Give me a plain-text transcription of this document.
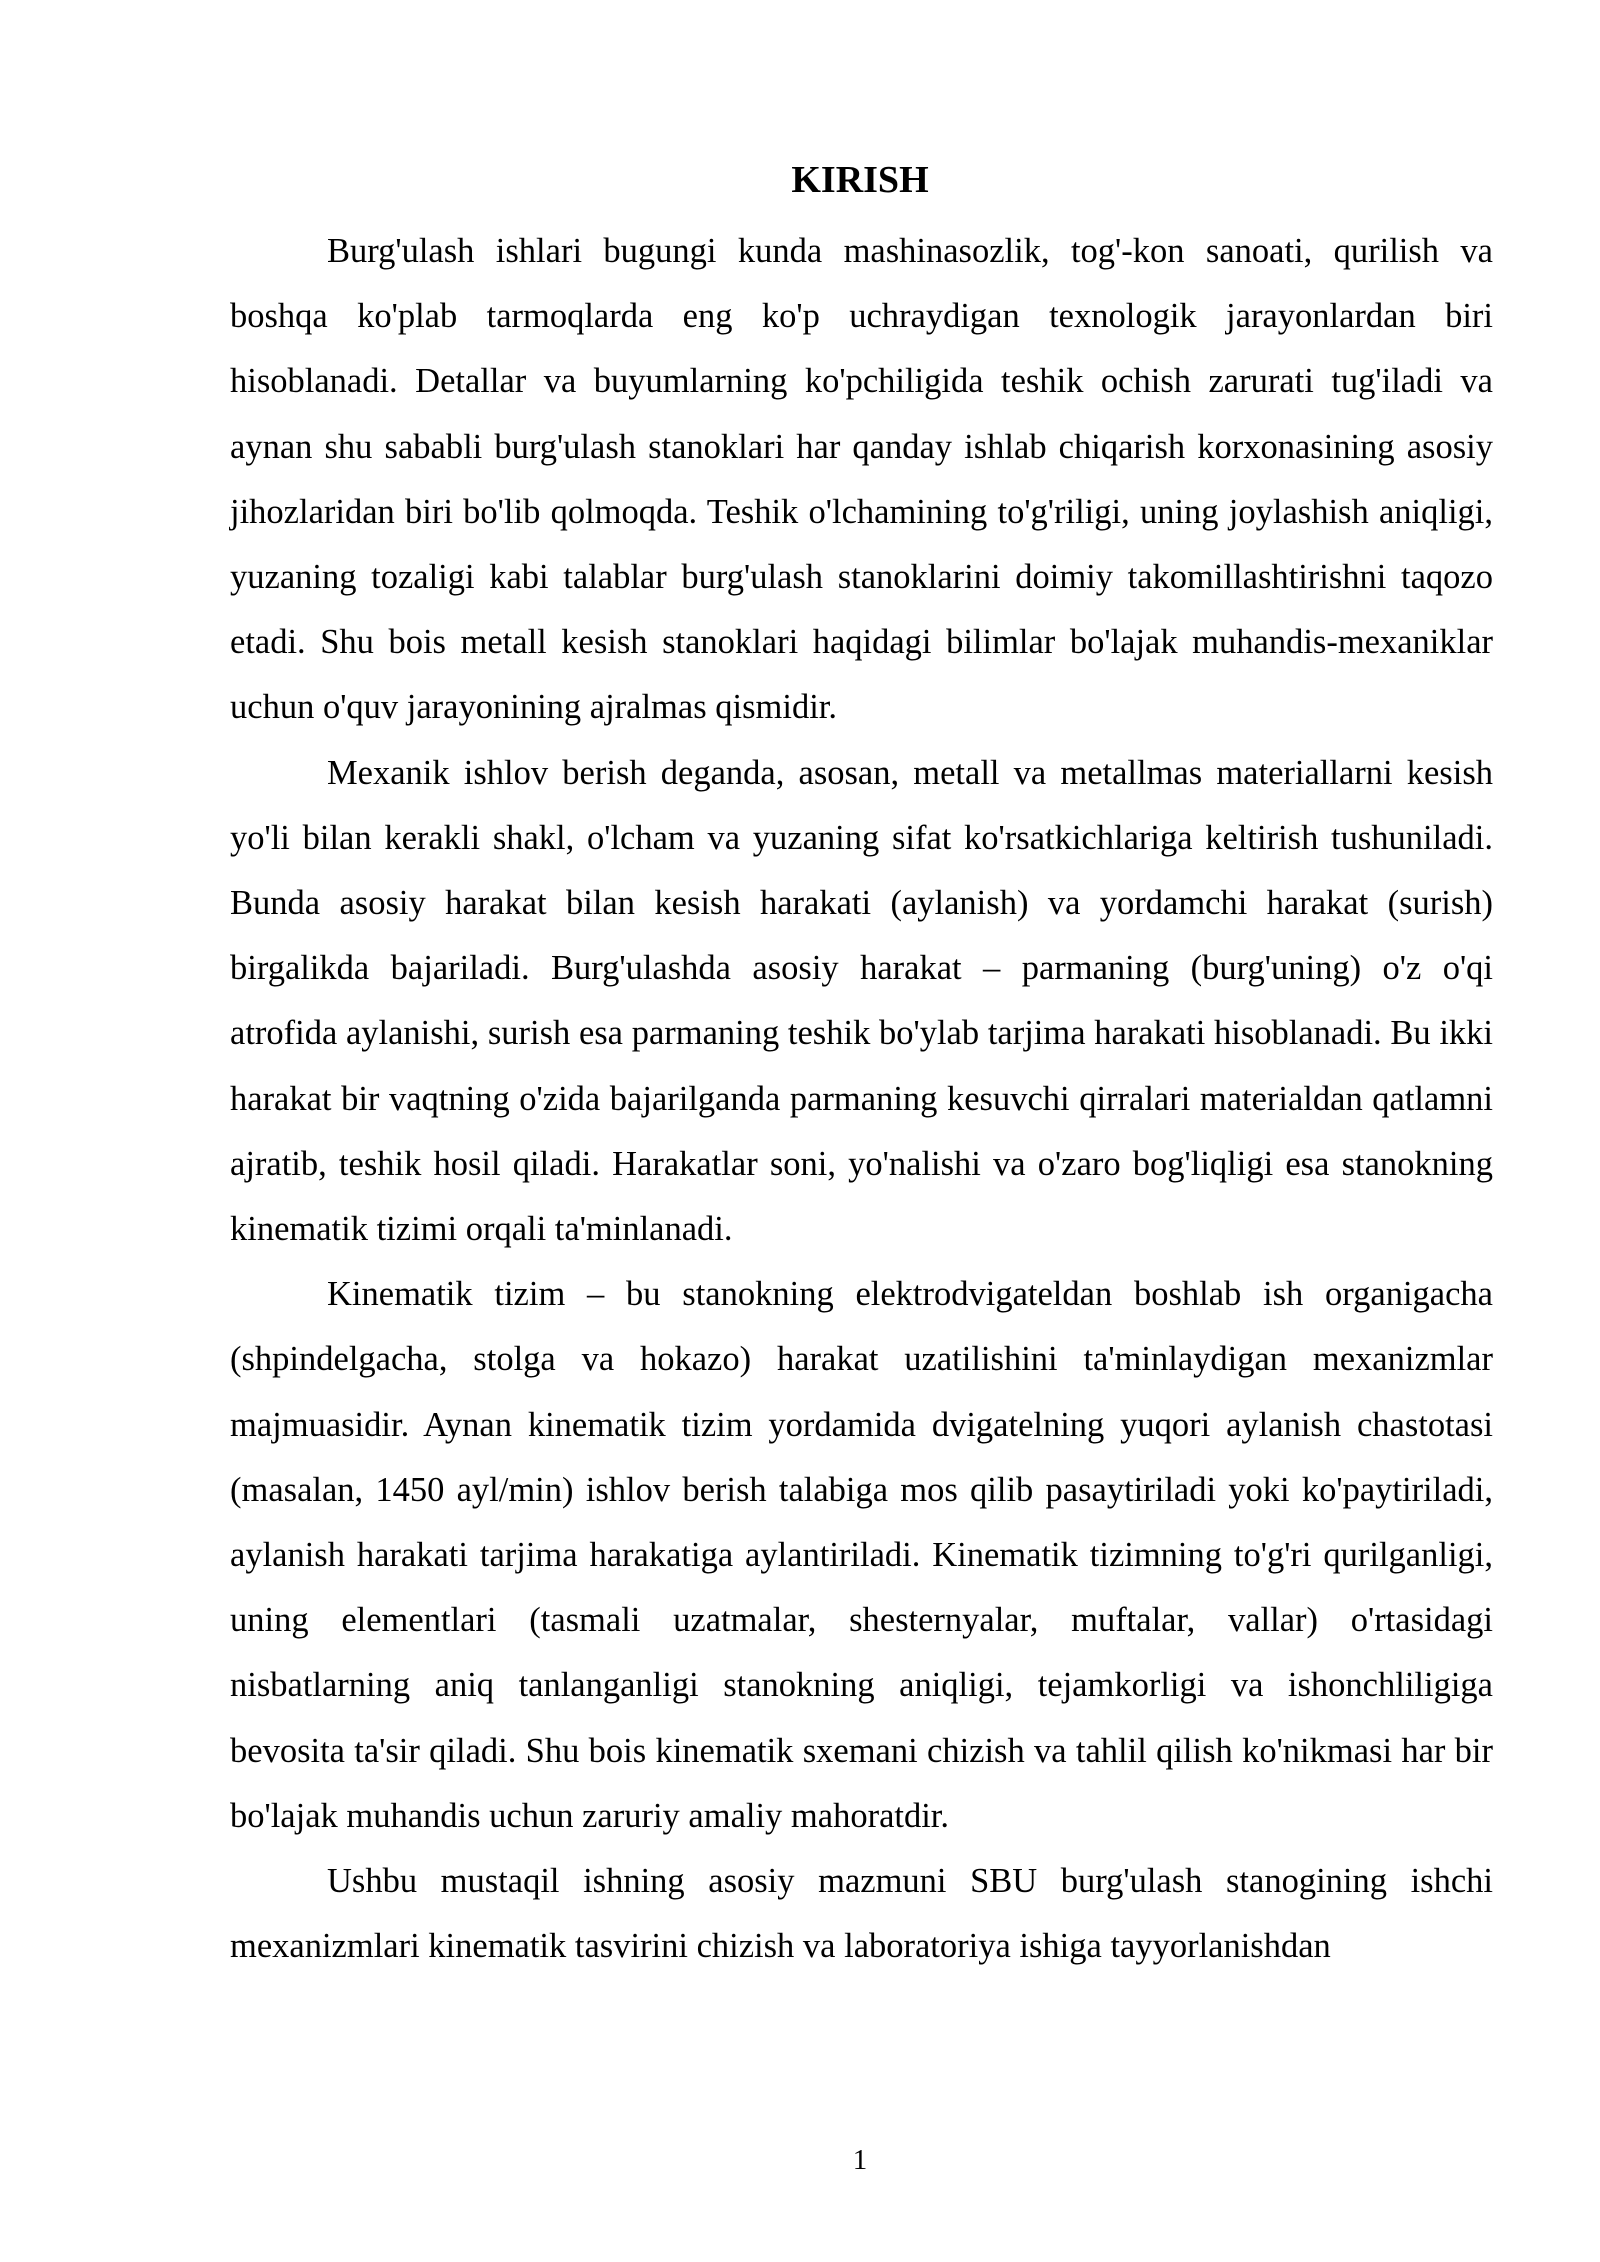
KIRISH

Burg'ulash ishlari bugungi kunda mashinasozlik, tog'-kon sanoati, qurilish va boshqa ko'plab tarmoqlarda eng ko'p uchraydigan texnologik jarayonlardan biri hisoblanadi. Detallar va buyumlarning ko'pchiligida teshik ochish zarurati tug'iladi va aynan shu sababli burg'ulash stanoklari har qanday ishlab chiqarish korxonasining asosiy jihozlaridan biri bo'lib qolmoqda. Teshik o'lchamining to'g'riligi, uning joylashish aniqligi, yuzaning tozaligi kabi talablar burg'ulash stanoklarini doimiy takomillashtirishni taqozo etadi. Shu bois metall kesish stanoklari haqidagi bilimlar bo'lajak muhandis-mexaniklar uchun o'quv jarayonining ajralmas qismidir.

Mexanik ishlov berish deganda, asosan, metall va metallmas materiallarni kesish yo'li bilan kerakli shakl, o'lcham va yuzaning sifat ko'rsatkichlariga keltirish tushuniladi. Bunda asosiy harakat bilan kesish harakati (aylanish) va yordamchi harakat (surish) birgalikda bajariladi. Burg'ulashda asosiy harakat – parmaning (burg'uning) o'z o'qi atrofida aylanishi, surish esa parmaning teshik bo'ylab tarjima harakati hisoblanadi. Bu ikki harakat bir vaqtning o'zida bajarilganda parmaning kesuvchi qirralari materialdan qatlamni ajratib, teshik hosil qiladi. Harakatlar soni, yo'nalishi va o'zaro bog'liqligi esa stanokning kinematik tizimi orqali ta'minlanadi.

Kinematik tizim – bu stanokning elektrodvigateldan boshlab ish organigacha (shpindelgacha, stolga va hokazo) harakat uzatilishini ta'minlaydigan mexanizmlar majmuasidir. Aynan kinematik tizim yordamida dvigatelning yuqori aylanish chastotasi (masalan, 1450 ayl/min) ishlov berish talabiga mos qilib pasaytiriladi yoki ko'paytiriladi, aylanish harakati tarjima harakatiga aylantiriladi. Kinematik tizimning to'g'ri qurilganligi, uning elementlari (tasmali uzatmalar, shesternyalar, muftalar, vallar) o'rtasidagi nisbatlarning aniq tanlanganligi stanokning aniqligi, tejamkorligi va ishonchliligiga bevosita ta'sir qiladi. Shu bois kinematik sxemani chizish va tahlil qilish ko'nikmasi har bir bo'lajak muhandis uchun zaruriy amaliy mahoratdir.

Ushbu mustaqil ishning asosiy mazmuni SBU burg'ulash stanogining ishchi mexanizmlari kinematik tasvirini chizish va laboratoriya ishiga tayyorlanishdan

1
